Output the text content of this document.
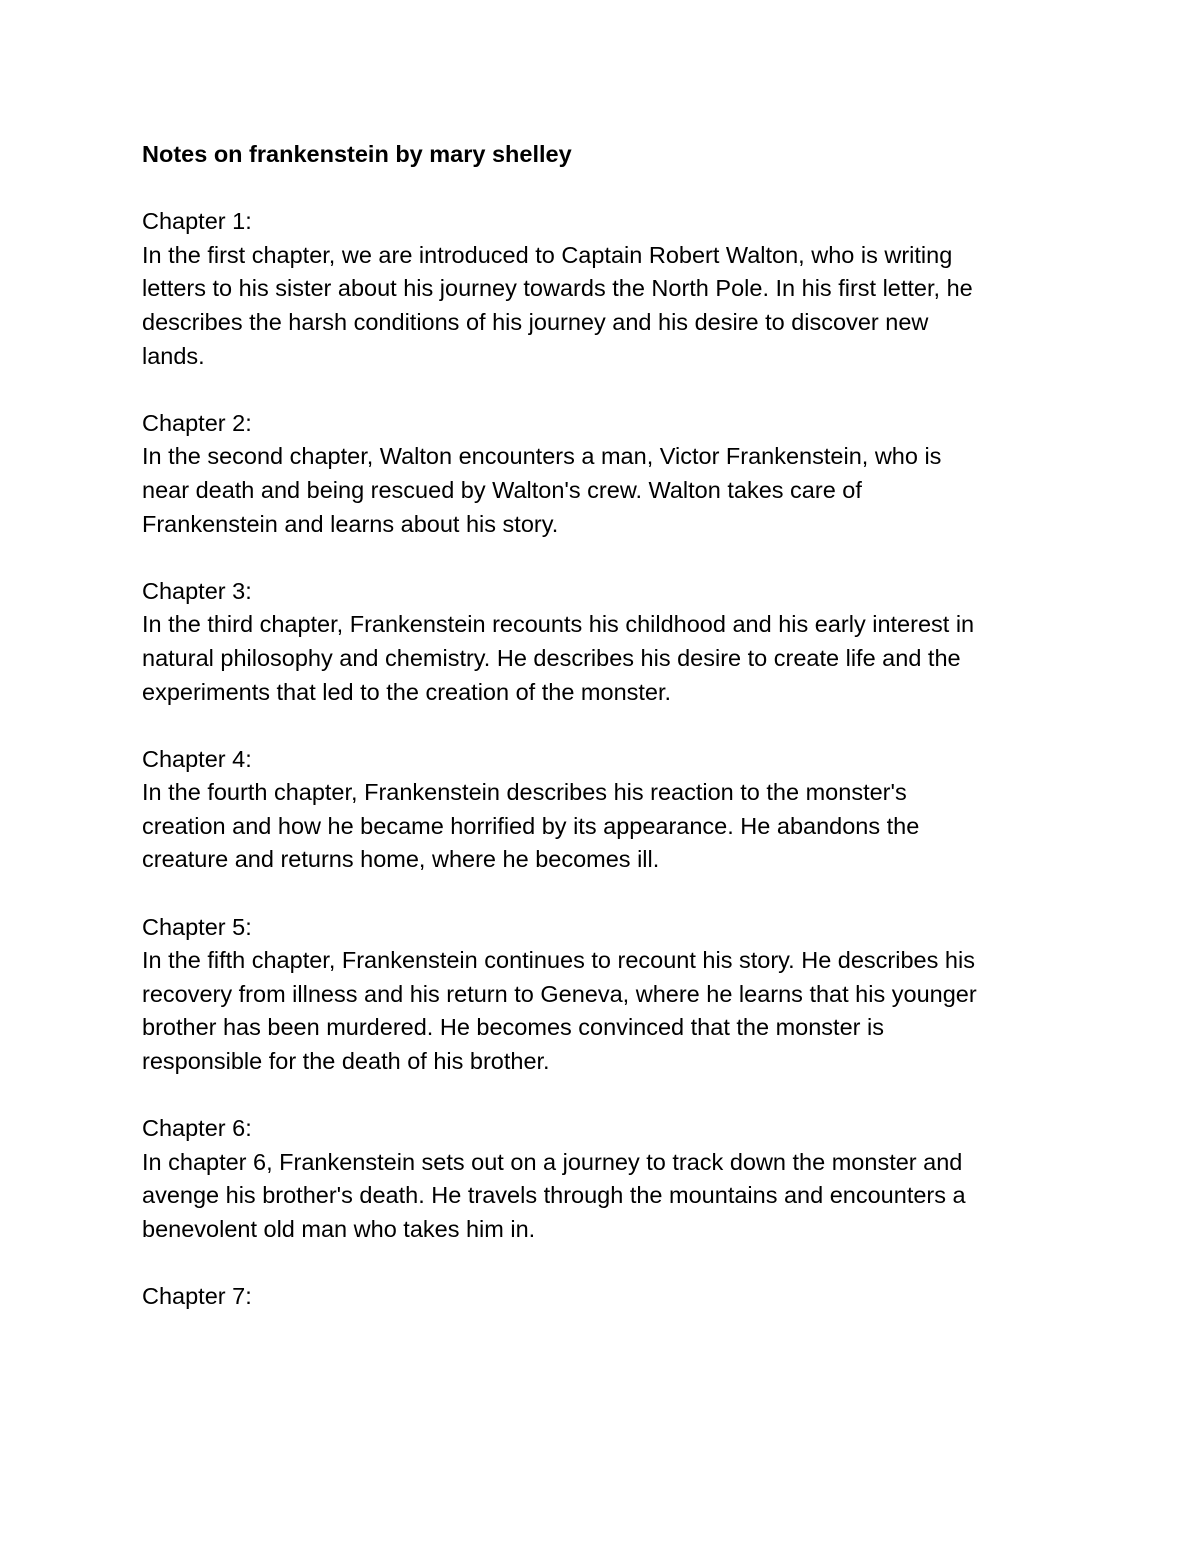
Notes on frankenstein by mary shelley
Chapter 1:

In the first chapter, we are introduced to Captain Robert Walton, who is writing
letters to his sister about his journey towards the North Pole. In his first letter, he
describes the harsh conditions of his journey and his desire to discover new
lands.

Chapter 2:

In the second chapter, Walton encounters a man, Victor Frankenstein, who is
near death and being rescued by Walton's crew. Walton takes care of
Frankenstein and learns about his story.

Chapter 3:

In the third chapter, Frankenstein recounts his childhood and his early interest in
natural philosophy and chemistry. He describes his desire to create life and the
experiments that led to the creation of the monster.

Chapter 4:

In the fourth chapter, Frankenstein describes his reaction to the monster's
creation and how he became horrified by its appearance. He abandons the
creature and returns home, where he becomes ill.

Chapter 5:

In the fifth chapter, Frankenstein continues to recount his story. He describes his
recovery from illness and his return to Geneva, where he learns that his younger
brother has been murdered. He becomes convinced that the monster is
responsible for the death of his brother.

Chapter 6:

In chapter 6, Frankenstein sets out on a journey to track down the monster and
avenge his brother's death. He travels through the mountains and encounters a
benevolent old man who takes him in.

Chapter 7:
